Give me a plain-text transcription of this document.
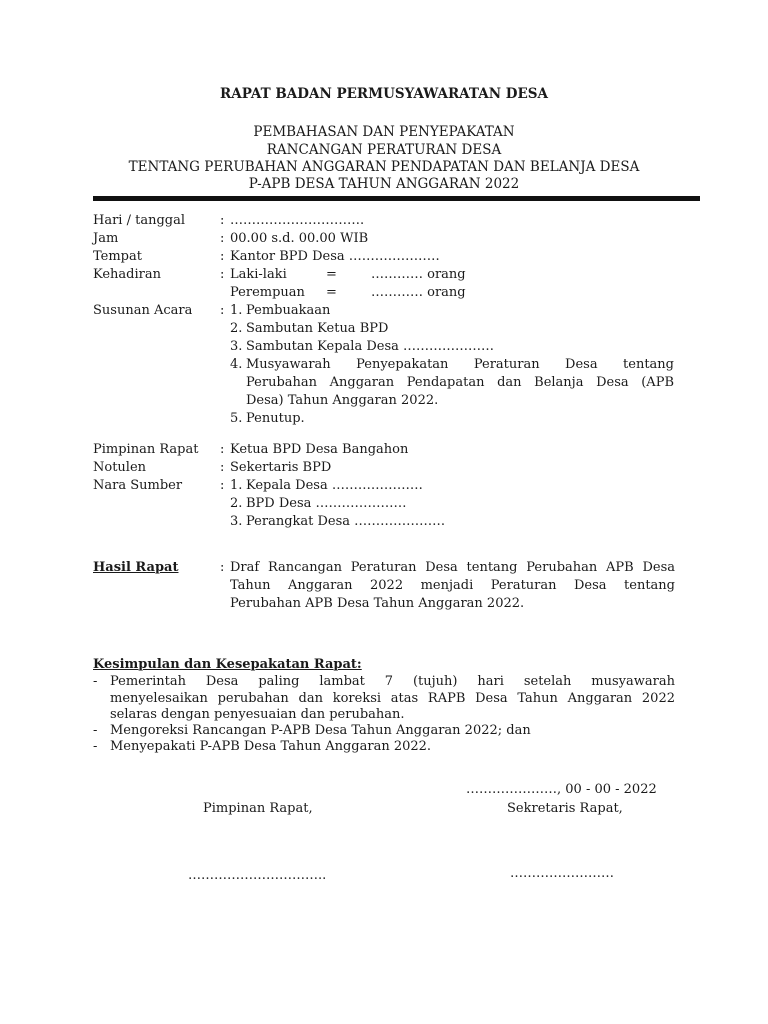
RAPAT BADAN PERMUSYAWARATAN DESA
PEMBAHASAN DAN PENYEPAKATAN
RANCANGAN PERATURAN DESA
TENTANG PERUBAHAN ANGGARAN PENDAPATAN DAN BELANJA DESA
P-APB DESA TAHUN ANGGARAN 2022
Hari / tanggal	: ………………………….
Jam	: 00.00 s.d. 00.00 WIB
Tempat	: Kantor BPD Desa …………………
Kehadiran	: Laki-laki	=	………… orang
Perempuan =	………… orang
Susunan Acara : 1. Pembuakaan
2. Sambutan Ketua BPD
3. Sambutan Kepala Desa …………………
4. Musyawarah Penyepakatan Peraturan Desa tentang
Perubahan Anggaran Pendapatan dan Belanja Desa (APB
Desa) Tahun Anggaran 2022.
5. Penutup.
Pimpinan Rapat : Ketua BPD Desa Bangahon
Notulen	: Sekertaris BPD
Nara Sumber	: 1. Kepala Desa …………………
2. BPD Desa …………………
3. Perangkat Desa …………………
Hasil Rapat	: Draf Rancangan Peraturan Desa tentang Perubahan APB Desa
Tahun Anggaran 2022 menjadi Peraturan Desa tentang
Perubahan APB Desa Tahun Anggaran 2022.
Kesimpulan dan Kesepakatan Rapat:
- Pemerintah Desa paling lambat 7 (tujuh) hari setelah musyawarah
menyelesaikan perubahan dan koreksi atas RAPB Desa Tahun Anggaran 2022
selaras dengan penyesuaian dan perubahan.
- Mengoreksi Rancangan P-APB Desa Tahun Anggaran 2022; dan
- Menyepakati P-APB Desa Tahun Anggaran 2022.
…………………, 00 - 00 - 2022
Pimpinan Rapat,	Sekretaris Rapat,
…………………………..	……………………
